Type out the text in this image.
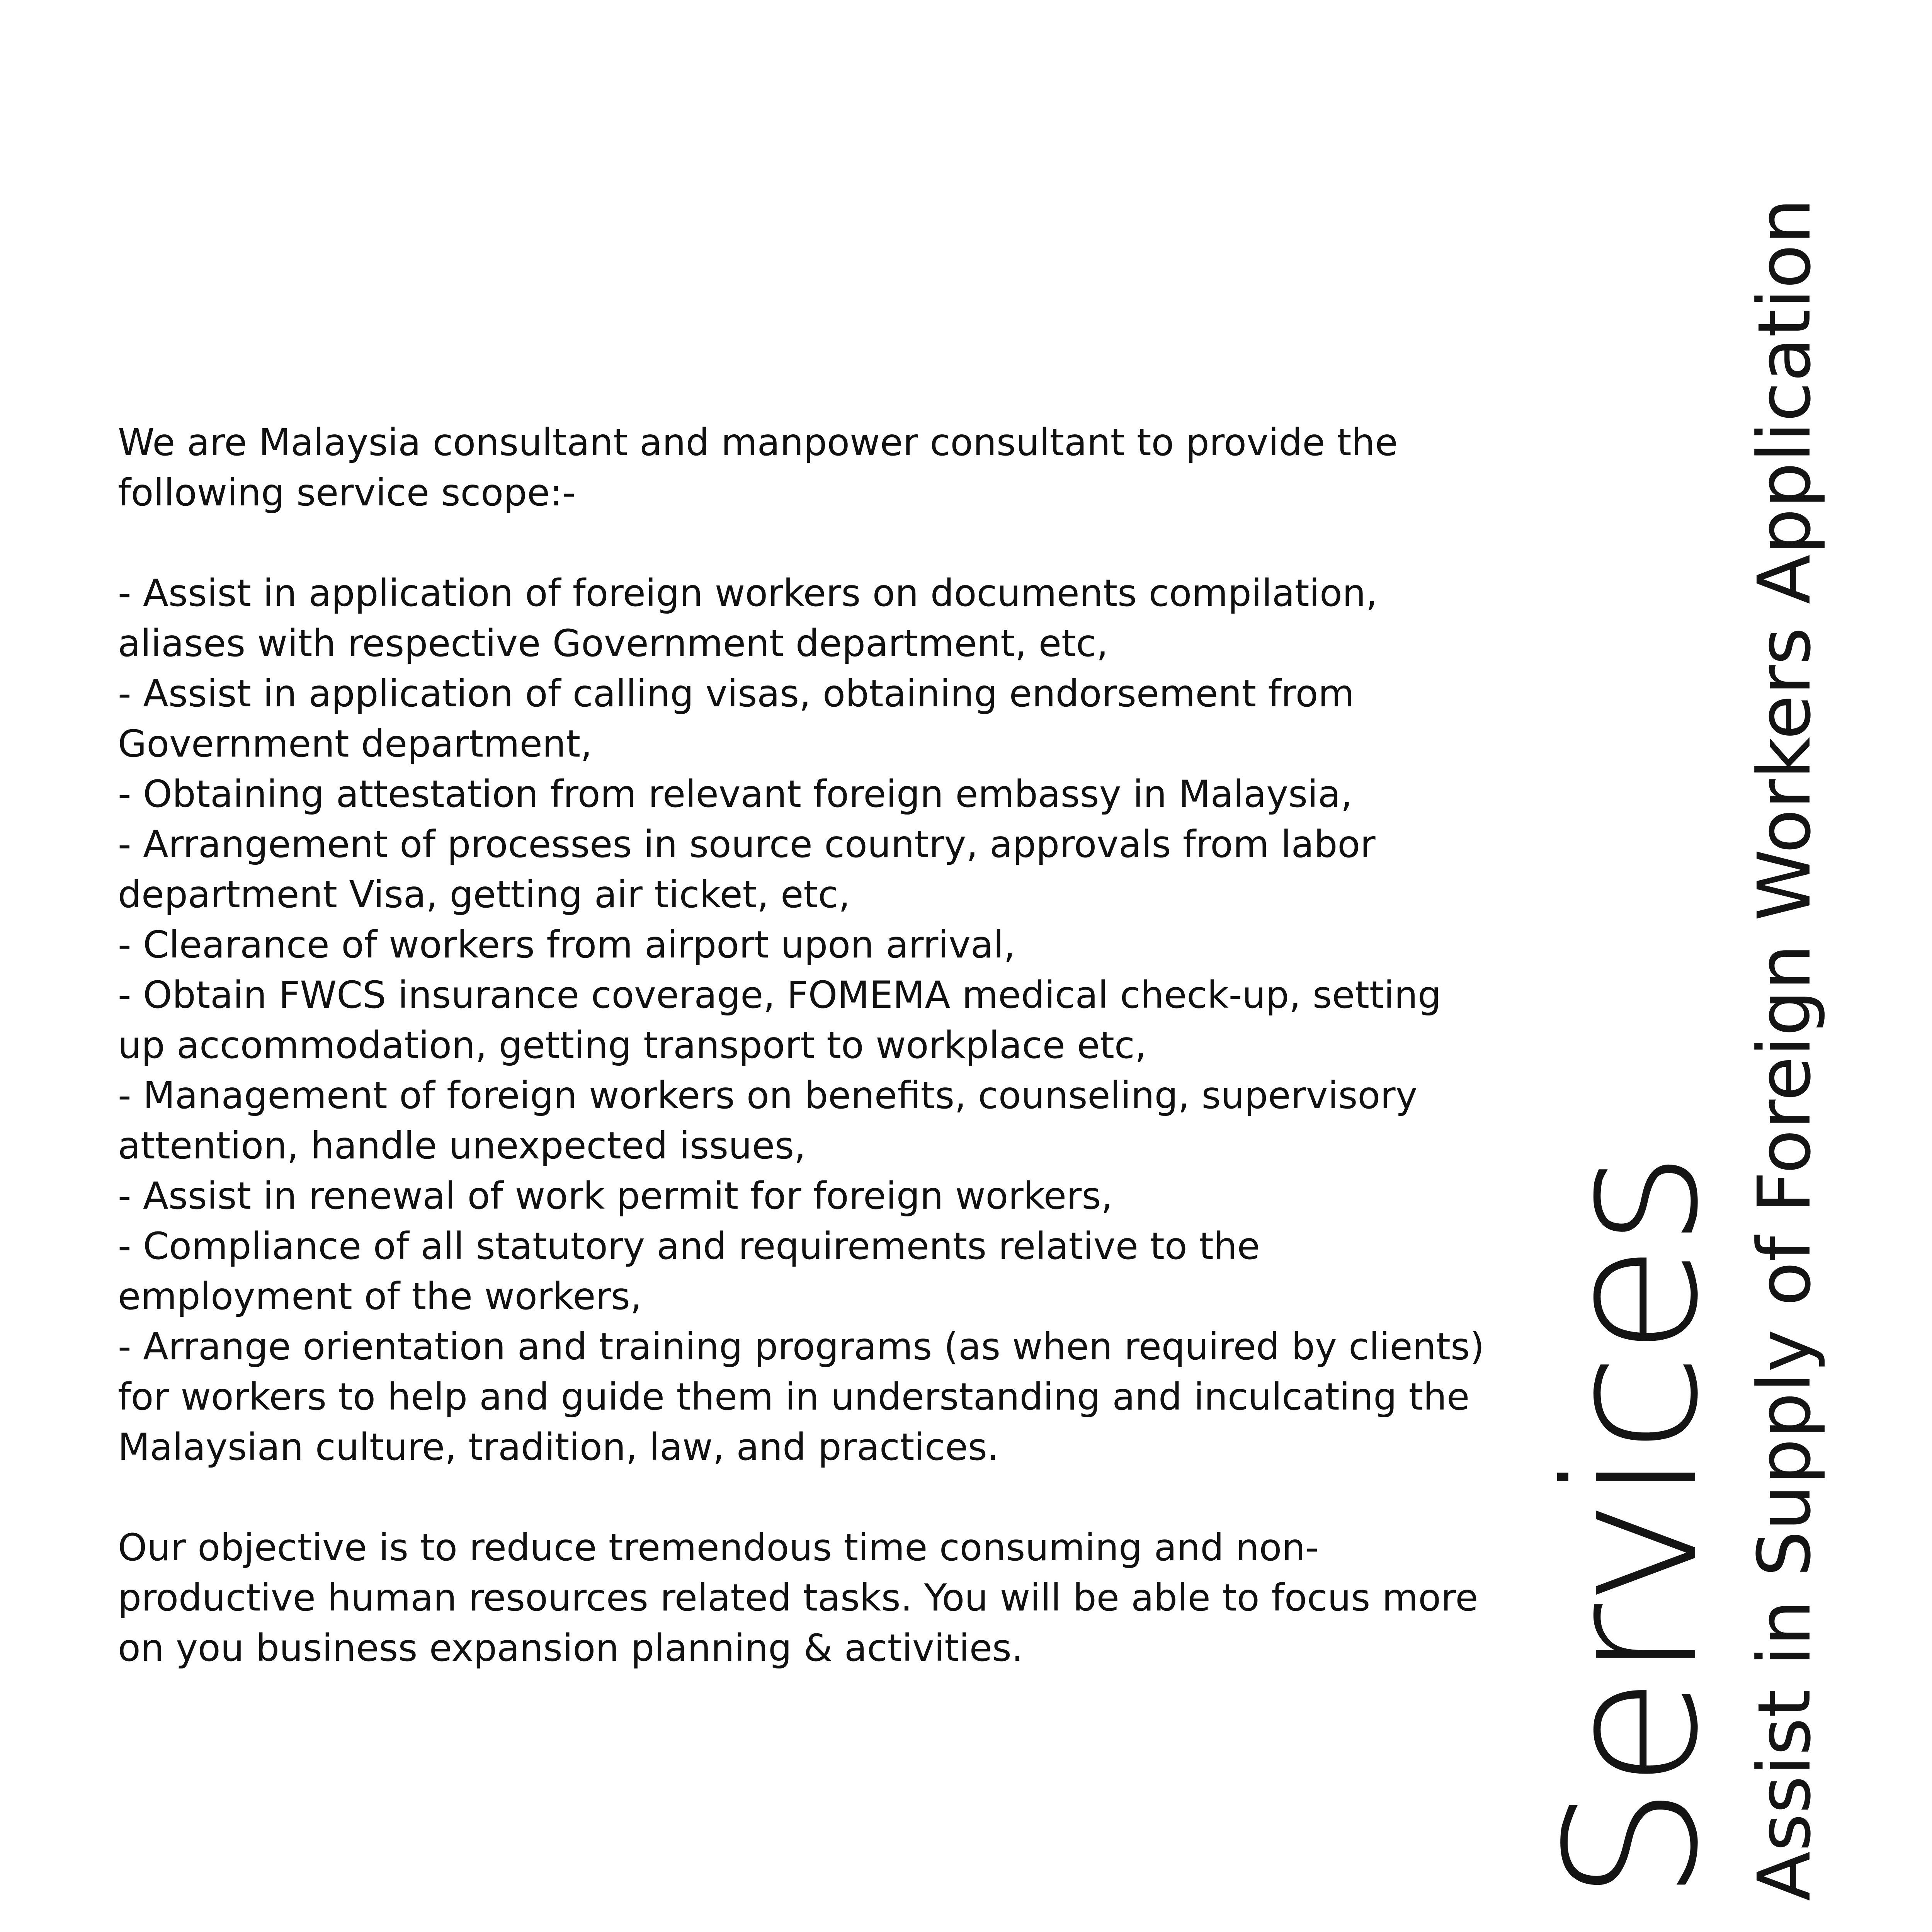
We are Malaysia consultant and manpower consultant to provide the following service scope:-

- Assist in application of foreign workers on documents compilation, aliases with respective Government department, etc,
- Assist in application of calling visas, obtaining endorsement from Government department,
- Obtaining attestation from relevant foreign embassy in Malaysia,
- Arrangement of processes in source country, approvals from labor department Visa, getting air ticket, etc,
- Clearance of workers from airport upon arrival,
- Obtain FWCS insurance coverage, FOMEMA medical check-up, setting up accommodation, getting transport to workplace etc,
- Management of foreign workers on benefits, counseling, supervisory attention, handle unexpected issues,
- Assist in renewal of work permit for foreign workers,
- Compliance of all statutory and requirements relative to the employment of the workers,
- Arrange orientation and training programs (as when required by clients) for workers to help and guide them in understanding and inculcating the Malaysian culture, tradition, law, and practices.

Our objective is to reduce tremendous time consuming and non-productive human resources related tasks. You will be able to focus more on you business expansion planning & activities.	Services Assist in Supply of Foreign Workers Application
